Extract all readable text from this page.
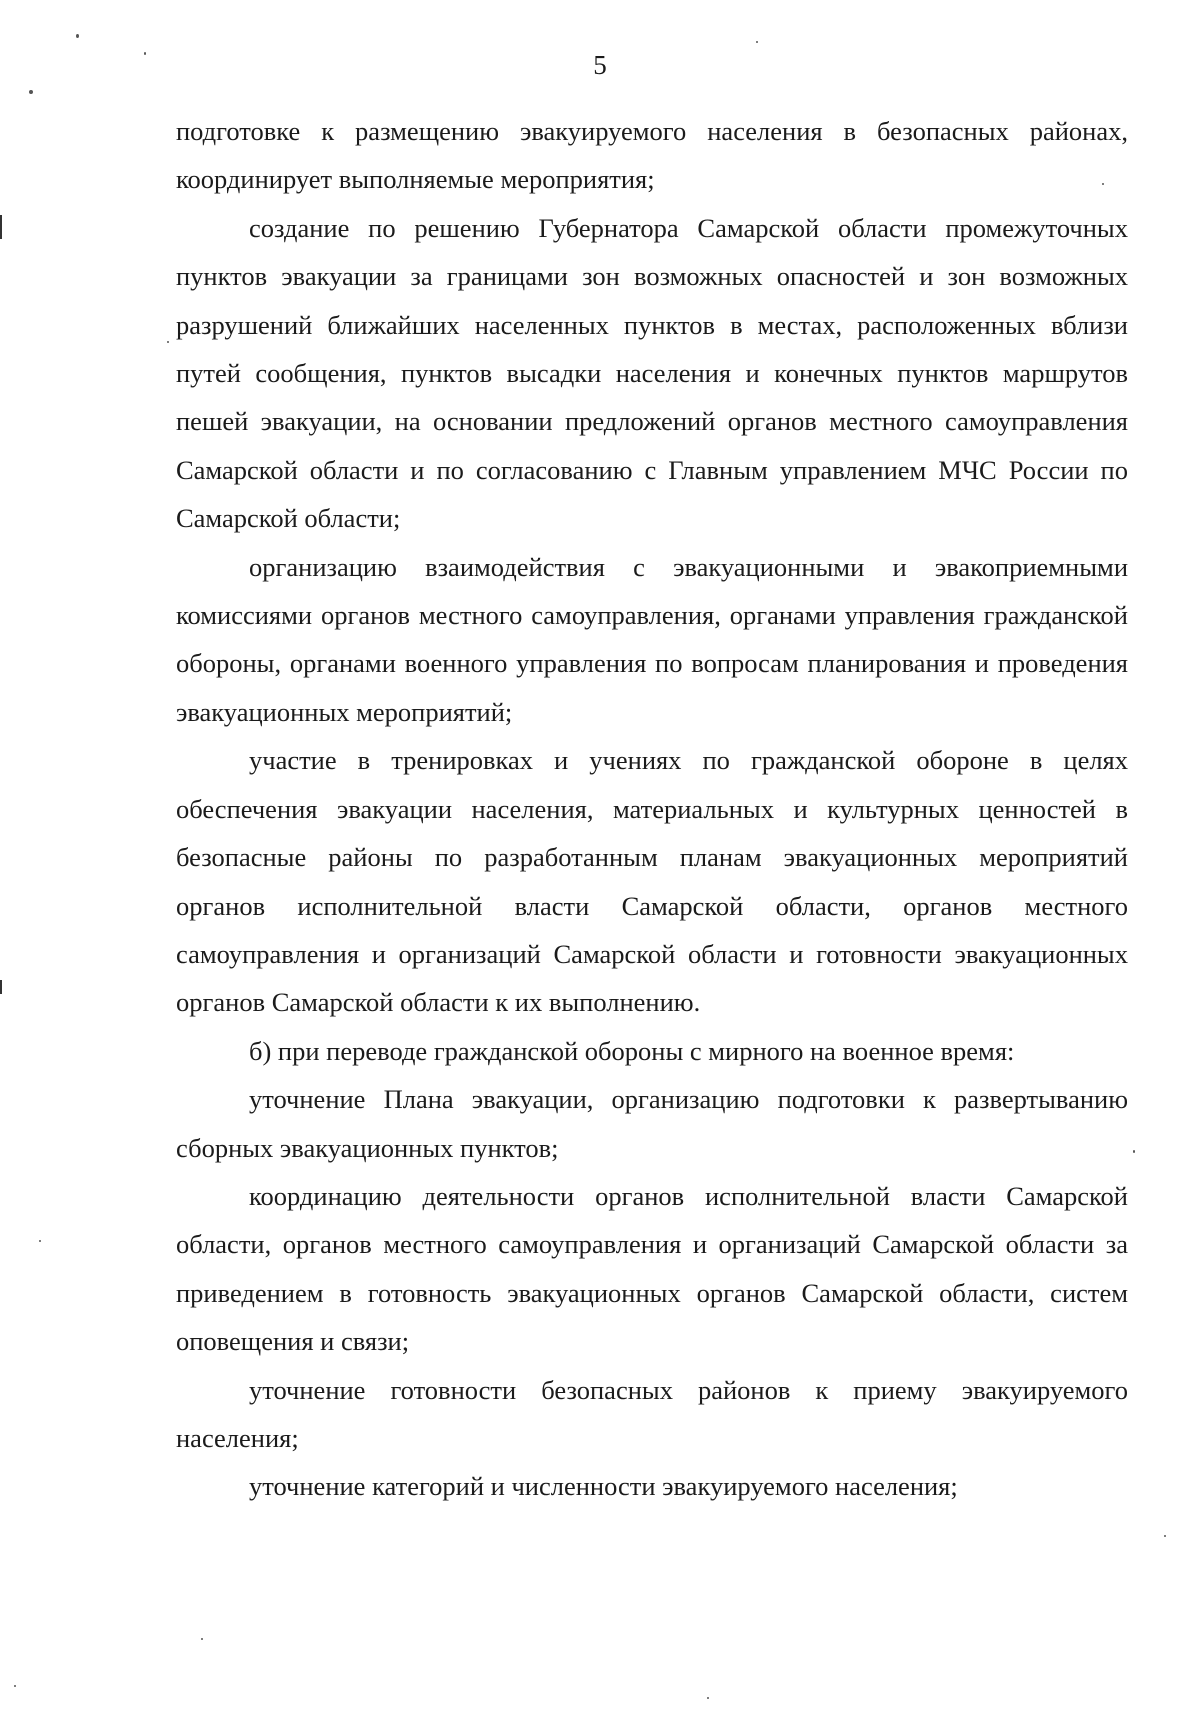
5

подготовке к размещению эвакуируемого населения в безопасных районах, координирует выполняемые мероприятия;

создание по решению Губернатора Самарской области промежуточных пунктов эвакуации за границами зон возможных опасностей и зон возможных разрушений ближайших населенных пунктов в местах, расположенных вблизи путей сообщения, пунктов высадки населения и конечных пунктов маршрутов пешей эвакуации, на основании предложений органов местного самоуправления Самарской области и по согласованию с Главным управлением МЧС России по Самарской области;

организацию взаимодействия с эвакуационными и эвакоприемными комиссиями органов местного самоуправления, органами управления гражданской обороны, органами военного управления по вопросам планирования и проведения эвакуационных мероприятий;

участие в тренировках и учениях по гражданской обороне в целях обеспечения эвакуации населения, материальных и культурных ценностей в безопасные районы по разработанным планам эвакуационных мероприятий органов исполнительной власти Самарской области, органов местного самоуправления и организаций Самарской области и готовности эвакуационных органов Самарской области к их выполнению.

б) при переводе гражданской обороны с мирного на военное время:

уточнение Плана эвакуации, организацию подготовки к развертыванию сборных эвакуационных пунктов;

координацию деятельности органов исполнительной власти Самарской области, органов местного самоуправления и организаций Самарской области за приведением в готовность эвакуационных органов Самарской области, систем оповещения и связи;

уточнение готовности безопасных районов к приему эвакуируемого населения;

уточнение категорий и численности эвакуируемого населения;
